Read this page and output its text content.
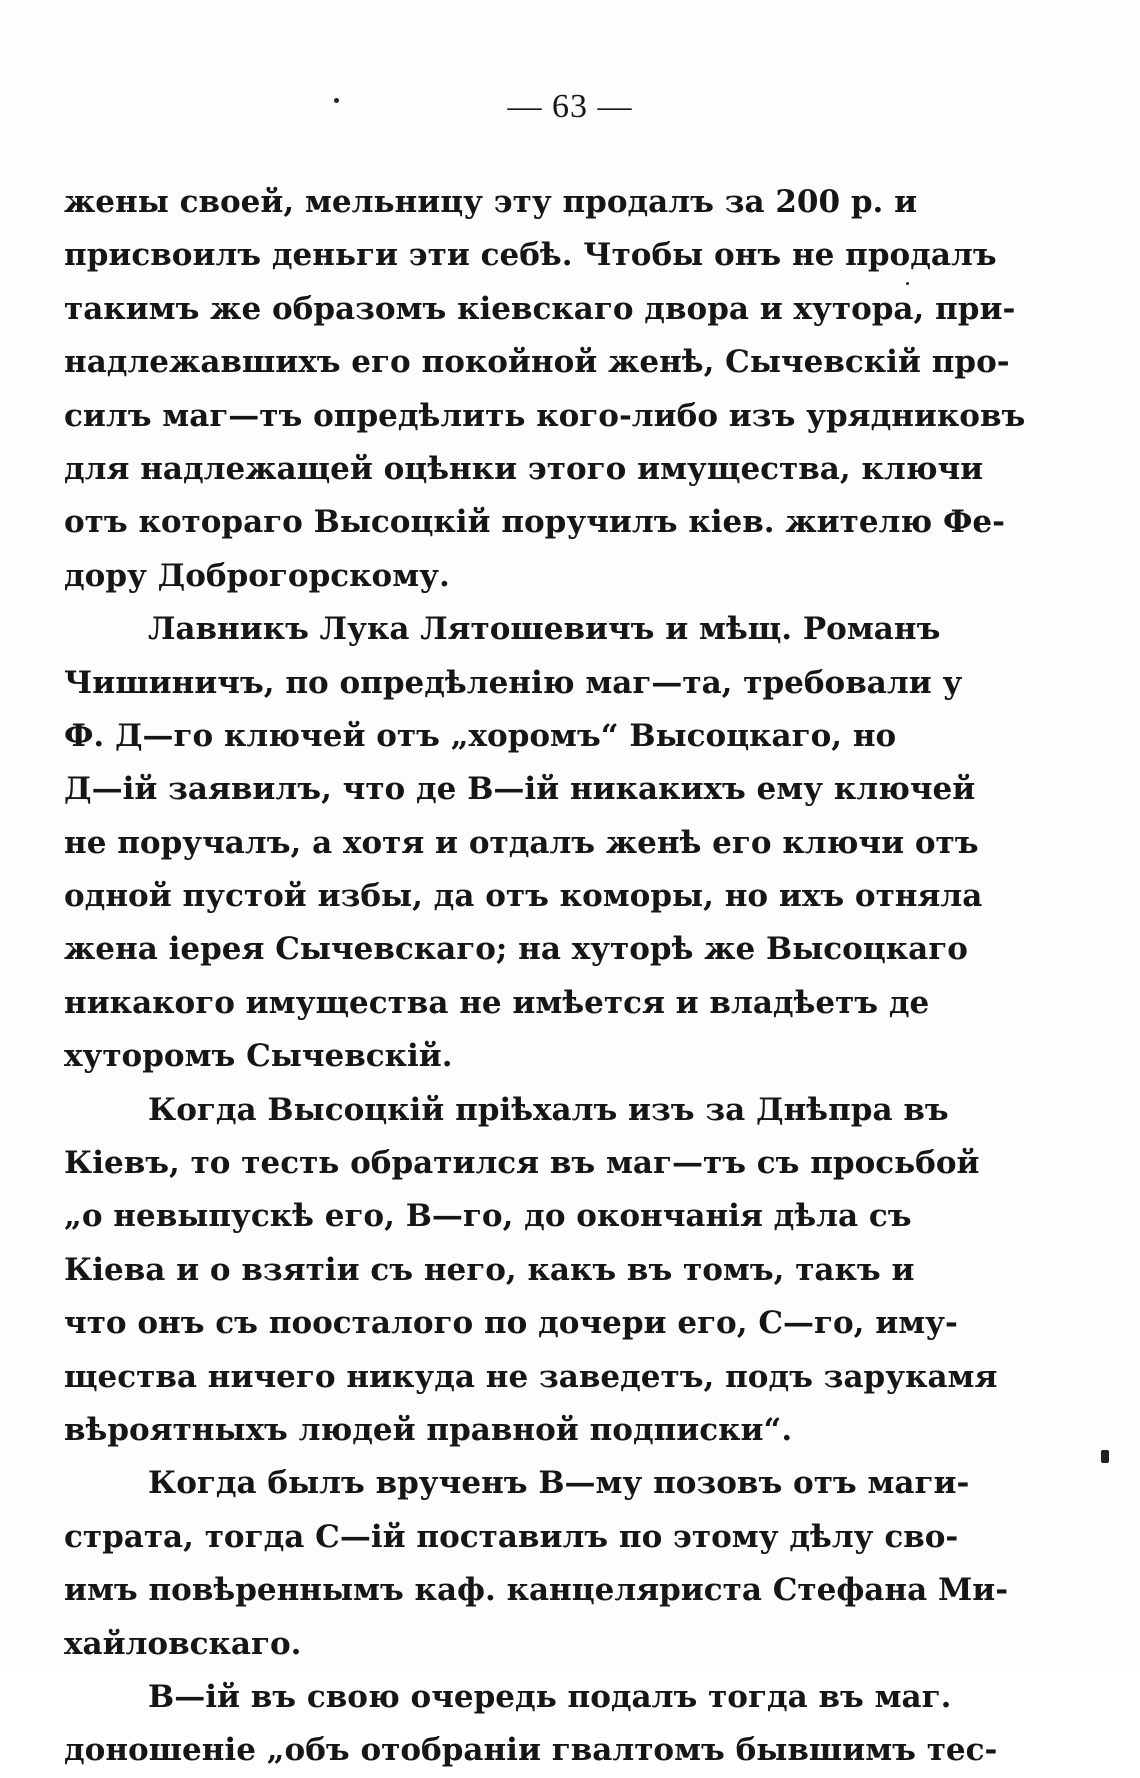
— 63 —
жены своей, мельницу эту продалъ за 200 р. и
присвоилъ деньги эти себѣ. Чтобы онъ не продалъ
такимъ же образомъ кіевскаго двора и хутора, при-
надлежавшихъ его покойной женѣ, Сычевскій про-
силъ маг—тъ опредѣлить кого-либо изъ урядниковъ
для надлежащей оцѣнки этого имущества, ключи
отъ котораго Высоцкій поручилъ кіев. жителю Фе-
дору Доброгорскому.
Лавникъ Лука Лятошевичъ и мѣщ. Романъ
Чишиничъ, по опредѣленію маг—та, требовали у
Ф. Д—го ключей отъ „хоромъ“ Высоцкаго, но
Д—ій заявилъ, что де В—ій никакихъ ему ключей
не поручалъ, а хотя и отдалъ женѣ его ключи отъ
одной пустой избы, да отъ коморы, но ихъ отняла
жена іерея Сычевскаго; на хуторѣ же Высоцкаго
никакого имущества не имѣется и владѣетъ де
хуторомъ Сычевскій.
Когда Высоцкій пріѣхалъ изъ за Днѣпра въ
Кіевъ, то тесть обратился въ маг—тъ съ просьбой
„о невыпускѣ его, В—го, до окончанія дѣла съ
Кіева и о взятіи съ него, какъ въ томъ, такъ и
что онъ съ поосталого по дочери его, С—го, иму-
щества ничего никуда не заведетъ, подъ зарукамя
вѣроятныхъ людей правной подписки“.
Когда былъ врученъ В—му позовъ отъ маги-
страта, тогда С—ій поставилъ по этому дѣлу сво-
имъ повѣреннымъ каф. канцеляриста Стефана Ми-
хайловскаго.
В—ій въ свою очередь подалъ тогда въ маг.
доношеніе „объ отобраніи гвалтомъ бывшимъ тес-
